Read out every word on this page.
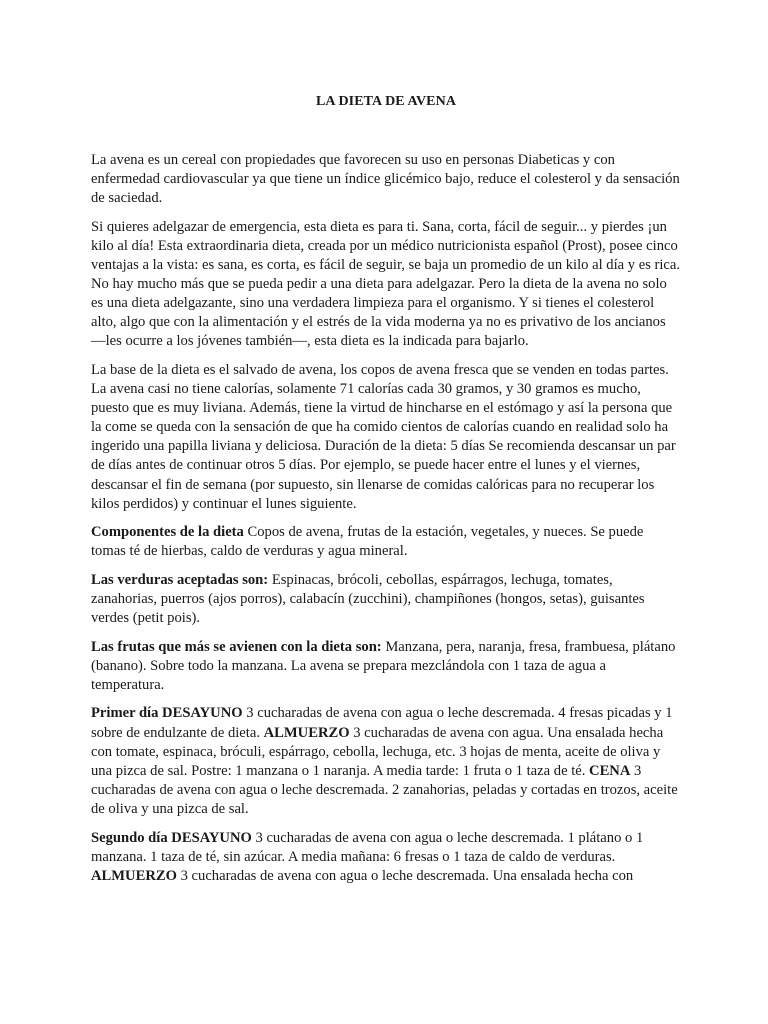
LA DIETA DE AVENA

La avena es un cereal con propiedades que favorecen su uso en personas Diabeticas y con enfermedad cardiovascular ya que tiene un índice glicémico bajo, reduce el colesterol y da sensación de saciedad.

Si quieres adelgazar de emergencia, esta dieta es para ti. Sana, corta, fácil de seguir... y pierdes ¡un kilo al día! Esta extraordinaria dieta, creada por un médico nutricionista español (Prost), posee cinco ventajas a la vista: es sana, es corta, es fácil de seguir, se baja un promedio de un kilo al día y es rica. No hay mucho más que se pueda pedir a una dieta para adelgazar. Pero la dieta de la avena no solo es una dieta adelgazante, sino una verdadera limpieza para el organismo. Y si tienes el colesterol alto, algo que con la alimentación y el estrés de la vida moderna ya no es privativo de los ancianos —les ocurre a los jóvenes también—, esta dieta es la indicada para bajarlo.

La base de la dieta es el salvado de avena, los copos de avena fresca que se venden en todas partes. La avena casi no tiene calorías, solamente 71 calorías cada 30 gramos, y 30 gramos es mucho, puesto que es muy liviana. Además, tiene la virtud de hincharse en el estómago y así la persona que la come se queda con la sensación de que ha comido cientos de calorías cuando en realidad solo ha ingerido una papilla liviana y deliciosa. Duración de la dieta: 5 días Se recomienda descansar un par de días antes de continuar otros 5 días. Por ejemplo, se puede hacer entre el lunes y el viernes, descansar el fin de semana (por supuesto, sin llenarse de comidas calóricas para no recuperar los kilos perdidos) y continuar el lunes siguiente.

Componentes de la dieta Copos de avena, frutas de la estación, vegetales, y nueces. Se puede tomas té de hierbas, caldo de verduras y agua mineral.

Las verduras aceptadas son: Espinacas, brócoli, cebollas, espárragos, lechuga, tomates, zanahorias, puerros (ajos porros), calabacín (zucchini), champiñones (hongos, setas), guisantes verdes (petit pois).

Las frutas que más se avienen con la dieta son: Manzana, pera, naranja, fresa, frambuesa, plátano (banano). Sobre todo la manzana. La avena se prepara mezclándola con 1 taza de agua a temperatura.

Primer día DESAYUNO 3 cucharadas de avena con agua o leche descremada. 4 fresas picadas y 1 sobre de endulzante de dieta. ALMUERZO 3 cucharadas de avena con agua. Una ensalada hecha con tomate, espinaca, bróculi, espárrago, cebolla, lechuga, etc. 3 hojas de menta, aceite de oliva y una pizca de sal. Postre: 1 manzana o 1 naranja. A media tarde: 1 fruta o 1 taza de té. CENA 3 cucharadas de avena con agua o leche descremada. 2 zanahorias, peladas y cortadas en trozos, aceite de oliva y una pizca de sal.

Segundo día DESAYUNO 3 cucharadas de avena con agua o leche descremada. 1 plátano o 1 manzana. 1 taza de té, sin azúcar. A media mañana: 6 fresas o 1 taza de caldo de verduras. ALMUERZO 3 cucharadas de avena con agua o leche descremada. Una ensalada hecha con
